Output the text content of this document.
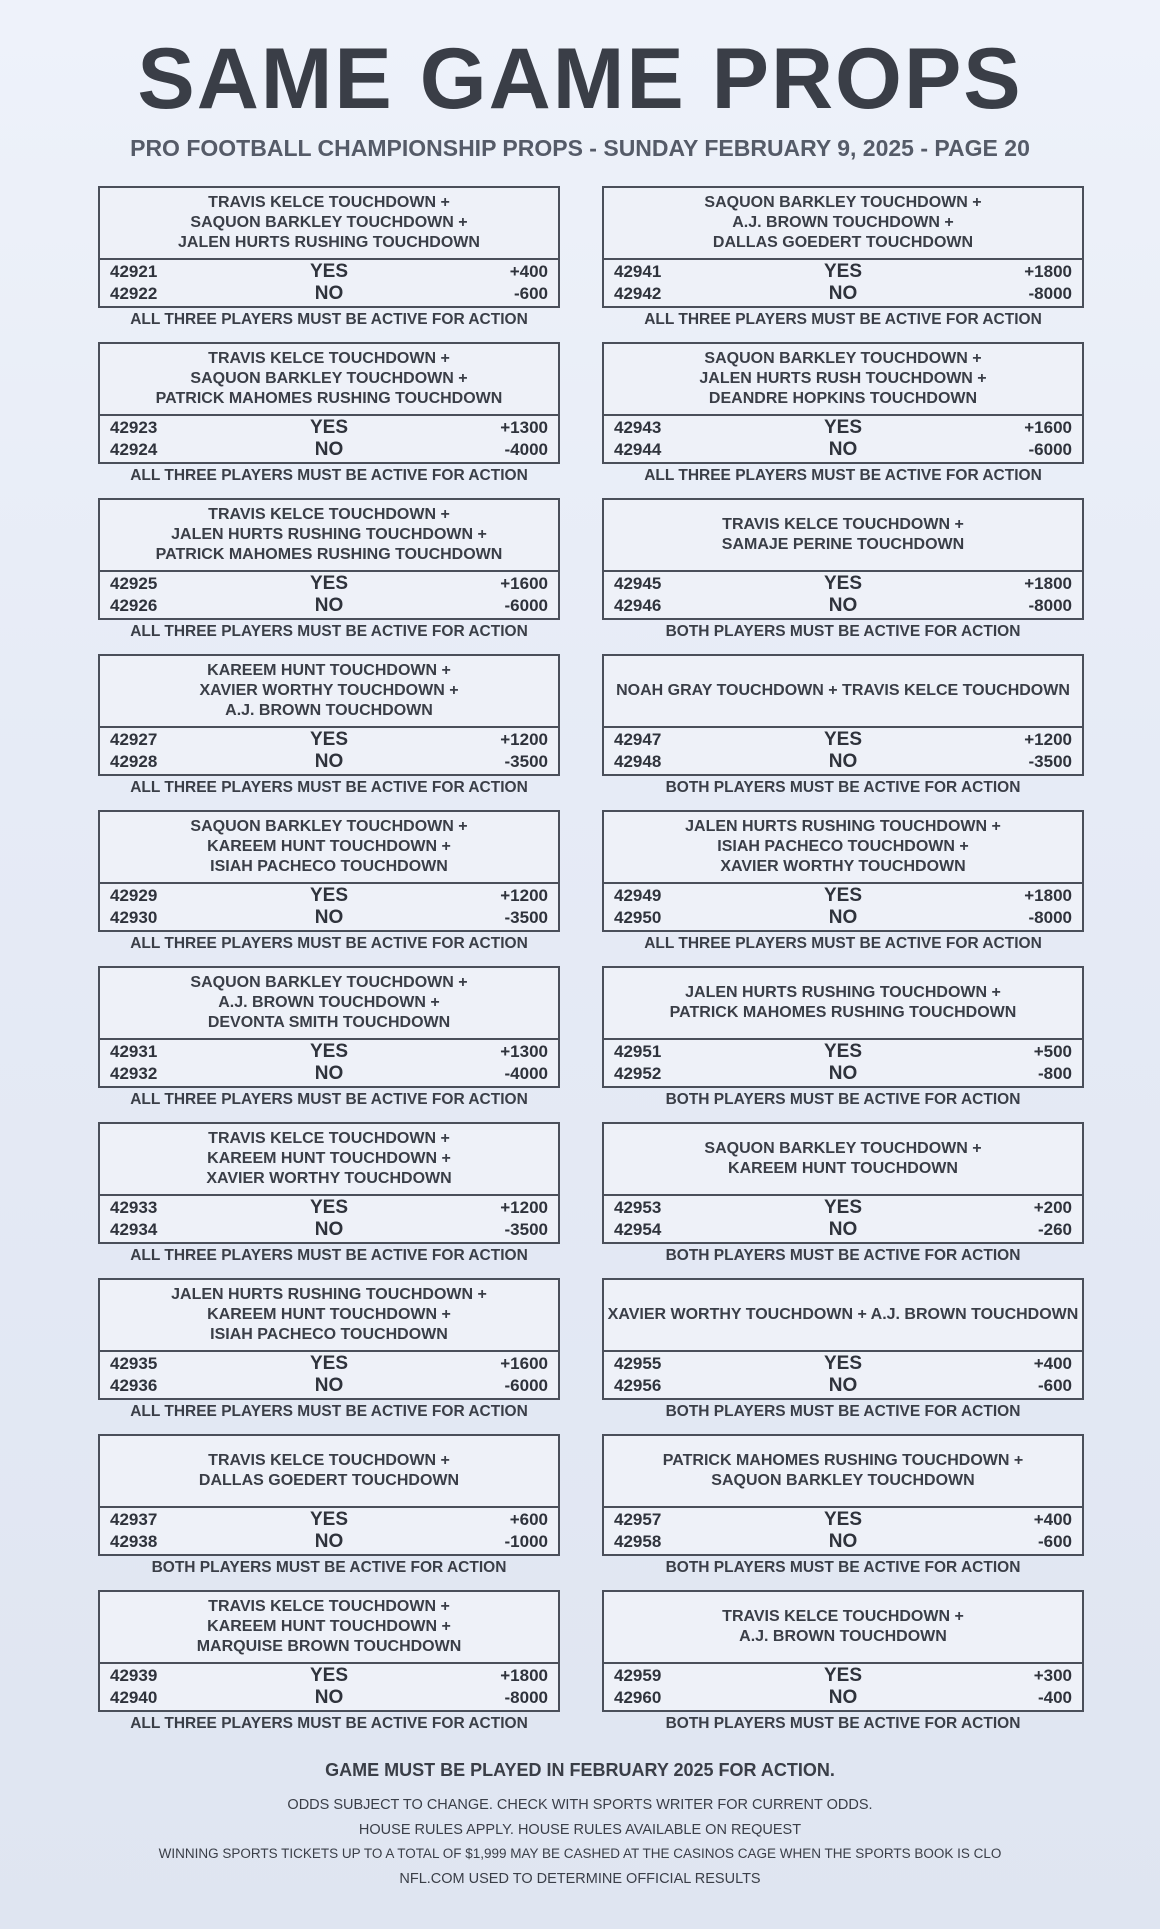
SAME GAME PROPS
PRO FOOTBALL CHAMPIONSHIP PROPS - SUNDAY FEBRUARY 9, 2025 - PAGE 20
TRAVIS KELCE TOUCHDOWN +
SAQUON BARKLEY TOUCHDOWN +
JALEN HURTS RUSHING TOUCHDOWN
42921	YES	+400
42922	NO	-600
ALL THREE PLAYERS MUST BE ACTIVE FOR ACTION
SAQUON BARKLEY TOUCHDOWN +
A.J. BROWN TOUCHDOWN +
DALLAS GOEDERT TOUCHDOWN
42941	YES	+1800
42942	NO	-8000
ALL THREE PLAYERS MUST BE ACTIVE FOR ACTION
TRAVIS KELCE TOUCHDOWN +
SAQUON BARKLEY TOUCHDOWN +
PATRICK MAHOMES RUSHING TOUCHDOWN
42923	YES	+1300
42924	NO	-4000
ALL THREE PLAYERS MUST BE ACTIVE FOR ACTION
SAQUON BARKLEY TOUCHDOWN +
JALEN HURTS RUSH TOUCHDOWN +
DEANDRE HOPKINS TOUCHDOWN
42943	YES	+1600
42944	NO	-6000
ALL THREE PLAYERS MUST BE ACTIVE FOR ACTION
TRAVIS KELCE TOUCHDOWN +
JALEN HURTS RUSHING TOUCHDOWN +
PATRICK MAHOMES RUSHING TOUCHDOWN
42925	YES	+1600
42926	NO	-6000
ALL THREE PLAYERS MUST BE ACTIVE FOR ACTION
TRAVIS KELCE TOUCHDOWN +
SAMAJE PERINE TOUCHDOWN
42945	YES	+1800
42946	NO	-8000
BOTH PLAYERS MUST BE ACTIVE FOR ACTION
KAREEM HUNT TOUCHDOWN +
XAVIER WORTHY TOUCHDOWN +
A.J. BROWN TOUCHDOWN
42927	YES	+1200
42928	NO	-3500
ALL THREE PLAYERS MUST BE ACTIVE FOR ACTION
NOAH GRAY TOUCHDOWN + TRAVIS KELCE TOUCHDOWN
42947	YES	+1200
42948	NO	-3500
BOTH PLAYERS MUST BE ACTIVE FOR ACTION
SAQUON BARKLEY TOUCHDOWN +
KAREEM HUNT TOUCHDOWN +
ISIAH PACHECO TOUCHDOWN
42929	YES	+1200
42930	NO	-3500
ALL THREE PLAYERS MUST BE ACTIVE FOR ACTION
JALEN HURTS RUSHING TOUCHDOWN +
ISIAH PACHECO TOUCHDOWN +
XAVIER WORTHY TOUCHDOWN
42949	YES	+1800
42950	NO	-8000
ALL THREE PLAYERS MUST BE ACTIVE FOR ACTION
SAQUON BARKLEY TOUCHDOWN +
A.J. BROWN TOUCHDOWN +
DEVONTA SMITH TOUCHDOWN
42931	YES	+1300
42932	NO	-4000
ALL THREE PLAYERS MUST BE ACTIVE FOR ACTION
JALEN HURTS RUSHING TOUCHDOWN +
PATRICK MAHOMES RUSHING TOUCHDOWN
42951	YES	+500
42952	NO	-800
BOTH PLAYERS MUST BE ACTIVE FOR ACTION
TRAVIS KELCE TOUCHDOWN +
KAREEM HUNT TOUCHDOWN +
XAVIER WORTHY TOUCHDOWN
42933	YES	+1200
42934	NO	-3500
ALL THREE PLAYERS MUST BE ACTIVE FOR ACTION
SAQUON BARKLEY TOUCHDOWN +
KAREEM HUNT TOUCHDOWN
42953	YES	+200
42954	NO	-260
BOTH PLAYERS MUST BE ACTIVE FOR ACTION
JALEN HURTS RUSHING TOUCHDOWN +
KAREEM HUNT TOUCHDOWN +
ISIAH PACHECO TOUCHDOWN
42935	YES	+1600
42936	NO	-6000
ALL THREE PLAYERS MUST BE ACTIVE FOR ACTION
XAVIER WORTHY TOUCHDOWN + A.J. BROWN TOUCHDOWN
42955	YES	+400
42956	NO	-600
BOTH PLAYERS MUST BE ACTIVE FOR ACTION
TRAVIS KELCE TOUCHDOWN +
DALLAS GOEDERT TOUCHDOWN
42937	YES	+600
42938	NO	-1000
BOTH PLAYERS MUST BE ACTIVE FOR ACTION
PATRICK MAHOMES RUSHING TOUCHDOWN +
SAQUON BARKLEY TOUCHDOWN
42957	YES	+400
42958	NO	-600
BOTH PLAYERS MUST BE ACTIVE FOR ACTION
TRAVIS KELCE TOUCHDOWN +
KAREEM HUNT TOUCHDOWN +
MARQUISE BROWN TOUCHDOWN
42939	YES	+1800
42940	NO	-8000
ALL THREE PLAYERS MUST BE ACTIVE FOR ACTION
TRAVIS KELCE TOUCHDOWN +
A.J. BROWN TOUCHDOWN
42959	YES	+300
42960	NO	-400
BOTH PLAYERS MUST BE ACTIVE FOR ACTION
GAME MUST BE PLAYED IN FEBRUARY 2025 FOR ACTION.
ODDS SUBJECT TO CHANGE. CHECK WITH SPORTS WRITER FOR CURRENT ODDS.
HOUSE RULES APPLY. HOUSE RULES AVAILABLE ON REQUEST
WINNING SPORTS TICKETS UP TO A TOTAL OF $1,999 MAY BE CASHED AT THE CASINOS CAGE WHEN THE SPORTS BOOK IS CLO
NFL.COM USED TO DETERMINE OFFICIAL RESULTS
